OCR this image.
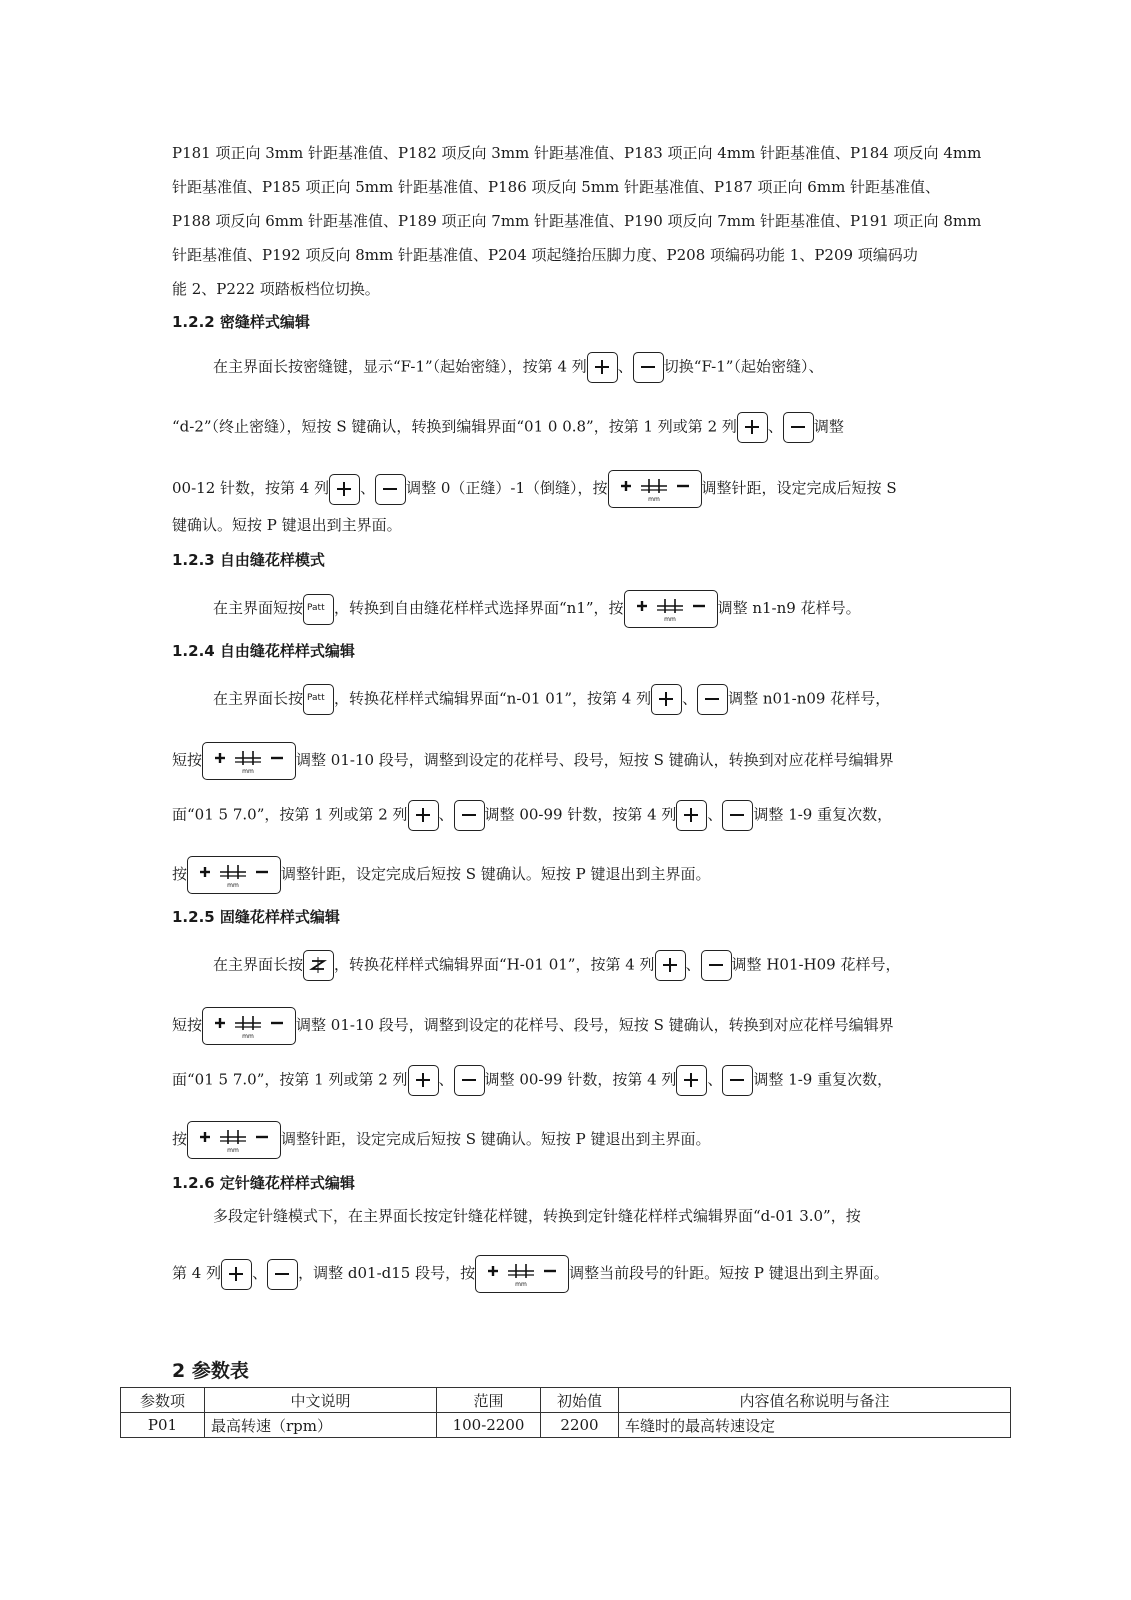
P181 项正向 3mm 针距基准值、P182 项反向 3mm 针距基准值、P183 项正向 4mm 针距基准值、P184 项反向 4mm
针距基准值、P185 项正向 5mm 针距基准值、P186 项反向 5mm 针距基准值、P187 项正向 6mm 针距基准值、
P188 项反向 6mm 针距基准值、P189 项正向 7mm 针距基准值、P190 项反向 7mm 针距基准值、P191 项正向 8mm
针距基准值、P192 项反向 8mm 针距基准值、P204 项起缝抬压脚力度、P208 项编码功能 1、P209 项编码功
能 2、P222 项踏板档位切换。
1.2.2 密缝样式编辑
在主界面长按密缝键，显示“F-1”（起始密缝），按第 4 列 、 切换“F-1”（起始密缝）、
“d-2”（终止密缝），短按 S 键确认，转换到编辑界面“01 0 0.8”，按第 1 列或第 2 列 、 调整
00-12 针数，按第 4 列 、 调整 0（正缝）-1（倒缝），按
mm
调整针距，设定完成后短按 S
键确认。短按 P 键退出到主界面。
1.2.3 自由缝花样模式
在主界面短按 Patt ，转换到自由缝花样样式选择界面“n1”，按
mm
调整 n1-n9 花样号。
1.2.4 自由缝花样样式编辑
在主界面长按 Patt ，转换花样样式编辑界面“n-01 01”，按第 4 列 、 调整 n01-n09 花样号，
短按
mm
调整 01-10 段号，调整到设定的花样号、段号，短按 S 键确认，转换到对应花样号编辑界
面“01 5 7.0”，按第 1 列或第 2 列 、 调整 00-99 针数，按第 4 列 、 调整 1-9 重复次数，
按
mm
调整针距，设定完成后短按 S 键确认。短按 P 键退出到主界面。
1.2.5 固缝花样样式编辑
在主界面长按 ，转换花样样式编辑界面“H-01 01”，按第 4 列 、 调整 H01-H09 花样号，
短按
mm
调整 01-10 段号，调整到设定的花样号、段号，短按 S 键确认，转换到对应花样号编辑界
面“01 5 7.0”，按第 1 列或第 2 列 、 调整 00-99 针数，按第 4 列 、 调整 1-9 重复次数，
按
mm
调整针距，设定完成后短按 S 键确认。短按 P 键退出到主界面。
1.2.6 定针缝花样样式编辑
多段定针缝模式下，在主界面长按定针缝花样键，转换到定针缝花样样式编辑界面“d-01 3.0”，按
第 4 列 、 ，调整 d01-d15 段号，按
mm
调整当前段号的针距。短按 P 键退出到主界面。
2 参数表
参数项	中文说明	范围	初始值	内容值名称说明与备注
P01	最高转速（rpm）	100-2200	2200	车缝时的最高转速设定
